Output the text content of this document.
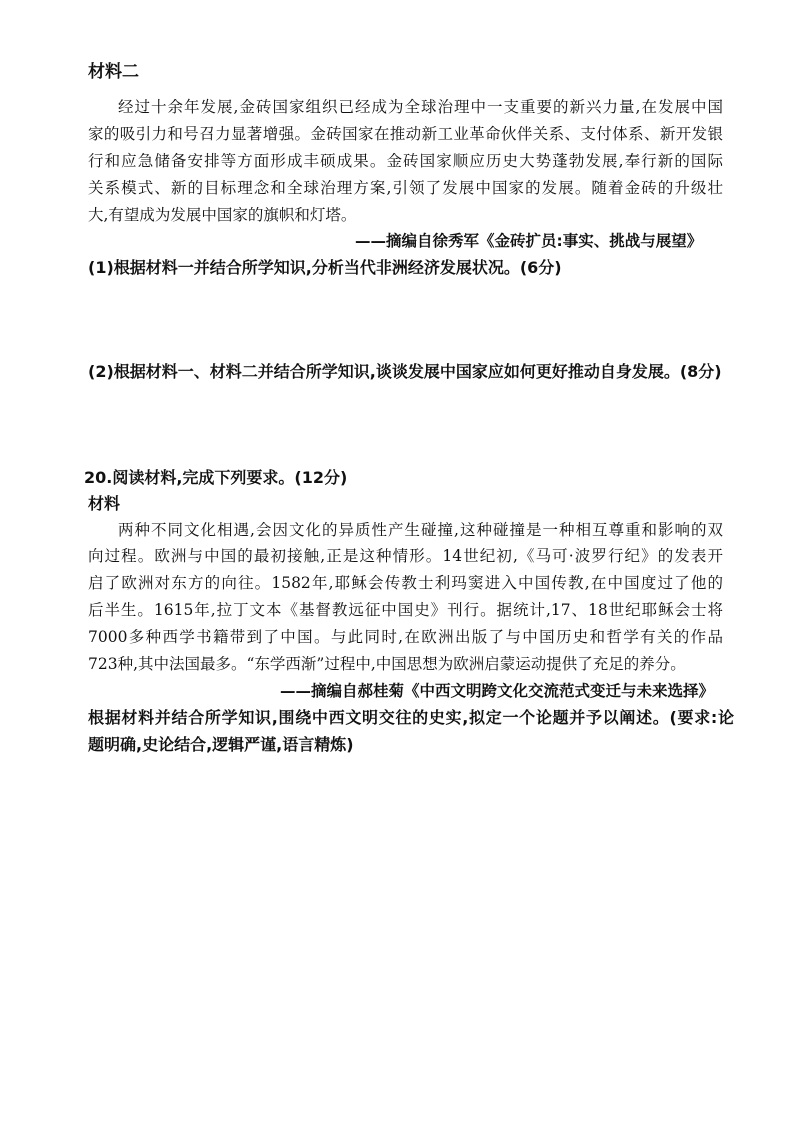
材料二
经过十余年发展,金砖国家组织已经成为全球治理中一支重要的新兴力量,在发展中国
家的吸引力和号召力显著增强。金砖国家在推动新工业革命伙伴关系、支付体系、新开发银
行和应急储备安排等方面形成丰硕成果。金砖国家顺应历史大势蓬勃发展,奉行新的国际
关系模式、新的目标理念和全球治理方案,引领了发展中国家的发展。随着金砖的升级壮
大,有望成为发展中国家的旗帜和灯塔。
——摘编自徐秀军《金砖扩员:事实、挑战与展望》
(1)根据材料一并结合所学知识,分析当代非洲经济发展状况。(6分)
(2)根据材料一、材料二并结合所学知识,谈谈发展中国家应如何更好推动自身发展。(8分)
20.阅读材料,完成下列要求。(12分)
材料
两种不同文化相遇,会因文化的异质性产生碰撞,这种碰撞是一种相互尊重和影响的双
向过程。欧洲与中国的最初接触,正是这种情形。14世纪初,《马可·波罗行纪》的发表开
启了欧洲对东方的向往。1582年,耶稣会传教士利玛窦进入中国传教,在中国度过了他的
后半生。1615年,拉丁文本《基督教远征中国史》刊行。据统计,17、18世纪耶稣会士将
7000多种西学书籍带到了中国。与此同时,在欧洲出版了与中国历史和哲学有关的作品
723种,其中法国最多。“东学西渐”过程中,中国思想为欧洲启蒙运动提供了充足的养分。
——摘编自郝桂菊《中西文明跨文化交流范式变迁与未来选择》
根据材料并结合所学知识,围绕中西文明交往的史实,拟定一个论题并予以阐述。(要求:论
题明确,史论结合,逻辑严谨,语言精炼)
